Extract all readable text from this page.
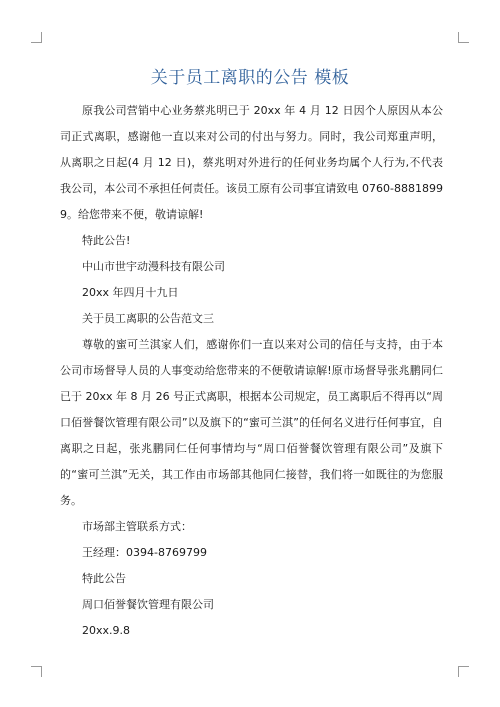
关于员工离职的公告 模板

原我公司营销中心业务蔡兆明已于 20xx 年 4 月 12 日因个人原因从本公司正式离职，感谢他一直以来对公司的付出与努力。同时，我公司郑重声明，从离职之日起(4 月 12 日)，蔡兆明对外进行的任何业务均属个人行为,不代表我公司，本公司不承担任何责任。该员工原有公司事宜请致电 0760-88818999。给您带来不便，敬请谅解!

特此公告!

中山市世宇动漫科技有限公司

20xx 年四月十九日

关于员工离职的公告范文三

尊敬的蜜可兰淇家人们，感谢你们一直以来对公司的信任与支持，由于本公司市场督导人员的人事变动给您带来的不便敬请谅解!原市场督导张兆鹏同仁已于 20xx 年 8 月 26 号正式离职，根据本公司规定，员工离职后不得再以“周口佰誉餐饮管理有限公司”以及旗下的“蜜可兰淇”的任何名义进行任何事宜，自离职之日起，张兆鹏同仁任何事情均与“周口佰誉餐饮管理有限公司”及旗下的“蜜可兰淇”无关，其工作由市场部其他同仁接替，我们将一如既往的为您服务。

市场部主管联系方式：

王经理：0394-8769799

特此公告

周口佰誉餐饮管理有限公司

20xx.9.8
